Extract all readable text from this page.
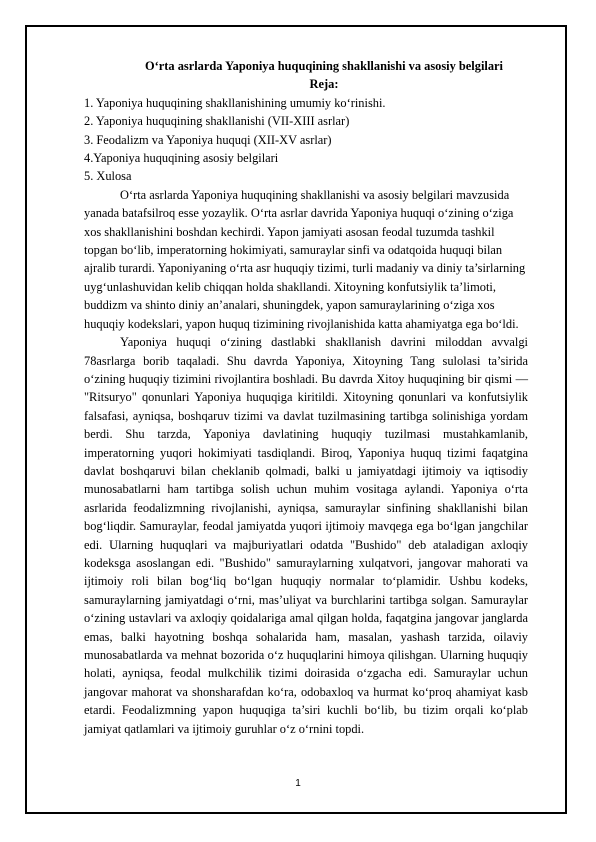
O‘rta asrlarda Yaponiya huquqining shakllanishi va asosiy belgilari

Reja:

1. Yaponiya huquqining shakllanishining umumiy ko‘rinishi.

2. Yaponiya huquqining shakllanishi (VII-XIII asrlar)

3. Feodalizm va Yaponiya huquqi (XII-XV asrlar)

4.Yaponiya huquqining asosiy belgilari

5. Xulosa

O‘rta asrlarda Yaponiya huquqining shakllanishi va asosiy belgilari mavzusida yanada batafsilroq esse yozaylik. O‘rta asrlar davrida Yaponiya huquqi o‘zining o‘ziga xos shakllanishini boshdan kechirdi. Yapon jamiyati asosan feodal tuzumda tashkil topgan bo‘lib, imperatorning hokimiyati, samuraylar sinfi va odatqoida huquqi bilan ajralib turardi. Yaponiyaning o‘rta asr huquqiy tizimi, turli madaniy va diniy ta’sirlarning uyg‘unlashuvidan kelib chiqqan holda shakllandi. Xitoyning konfutsiylik ta’limoti, buddizm va shinto diniy an’analari, shuningdek, yapon samuraylarining o‘ziga xos huquqiy kodekslari, yapon huquq tizimining rivojlanishida katta ahamiyatga ega bo‘ldi.

Yaponiya huquqi o‘zining dastlabki shakllanish davrini miloddan avvalgi 78asrlarga borib taqaladi. Shu davrda Yaponiya, Xitoyning Tang sulolasi ta’sirida o‘zining huquqiy tizimini rivojlantira boshladi. Bu davrda Xitoy huquqining bir qismi — "Ritsuryo" qonunlari Yaponiya huquqiga kiritildi. Xitoyning qonunlari va konfutsiylik falsafasi, ayniqsa, boshqaruv tizimi va davlat tuzilmasining tartibga solinishiga yordam berdi. Shu tarzda, Yaponiya davlatining huquqiy tuzilmasi mustahkamlanib, imperatorning yuqori hokimiyati tasdiqlandi. Biroq, Yaponiya huquq tizimi faqatgina davlat boshqaruvi bilan cheklanib qolmadi, balki u jamiyatdagi ijtimoiy va iqtisodiy munosabatlarni ham tartibga solish uchun muhim vositaga aylandi. Yaponiya o‘rta asrlarida feodalizmning rivojlanishi, ayniqsa, samuraylar sinfining shakllanishi bilan bog‘liqdir. Samuraylar, feodal jamiyatda yuqori ijtimoiy mavqega ega bo‘lgan jangchilar edi. Ularning huquqlari va majburiyatlari odatda "Bushido" deb ataladigan axloqiy kodeksga asoslangan edi. "Bushido" samuraylarning xulqatvori, jangovar mahorati va ijtimoiy roli bilan bog‘liq bo‘lgan huquqiy normalar to‘plamidir. Ushbu kodeks, samuraylarning jamiyatdagi o‘rni, mas’uliyat va burchlarini tartibga solgan. Samuraylar o‘zining ustavlari va axloqiy qoidalariga amal qilgan holda, faqatgina jangovar janglarda emas, balki hayotning boshqa sohalarida ham, masalan, yashash tarzida, oilaviy munosabatlarda va mehnat bozorida o‘z huquqlarini himoya qilishgan. Ularning huquqiy holati, ayniqsa, feodal mulkchilik tizimi doirasida o‘zgacha edi. Samuraylar uchun jangovar mahorat va shonsharafdan ko‘ra, odobaxloq va hurmat ko‘proq ahamiyat kasb etardi. Feodalizmning yapon huquqiga ta’siri kuchli bo‘lib, bu tizim orqali ko‘plab jamiyat qatlamlari va ijtimoiy guruhlar o‘z o‘rnini topdi.

1
